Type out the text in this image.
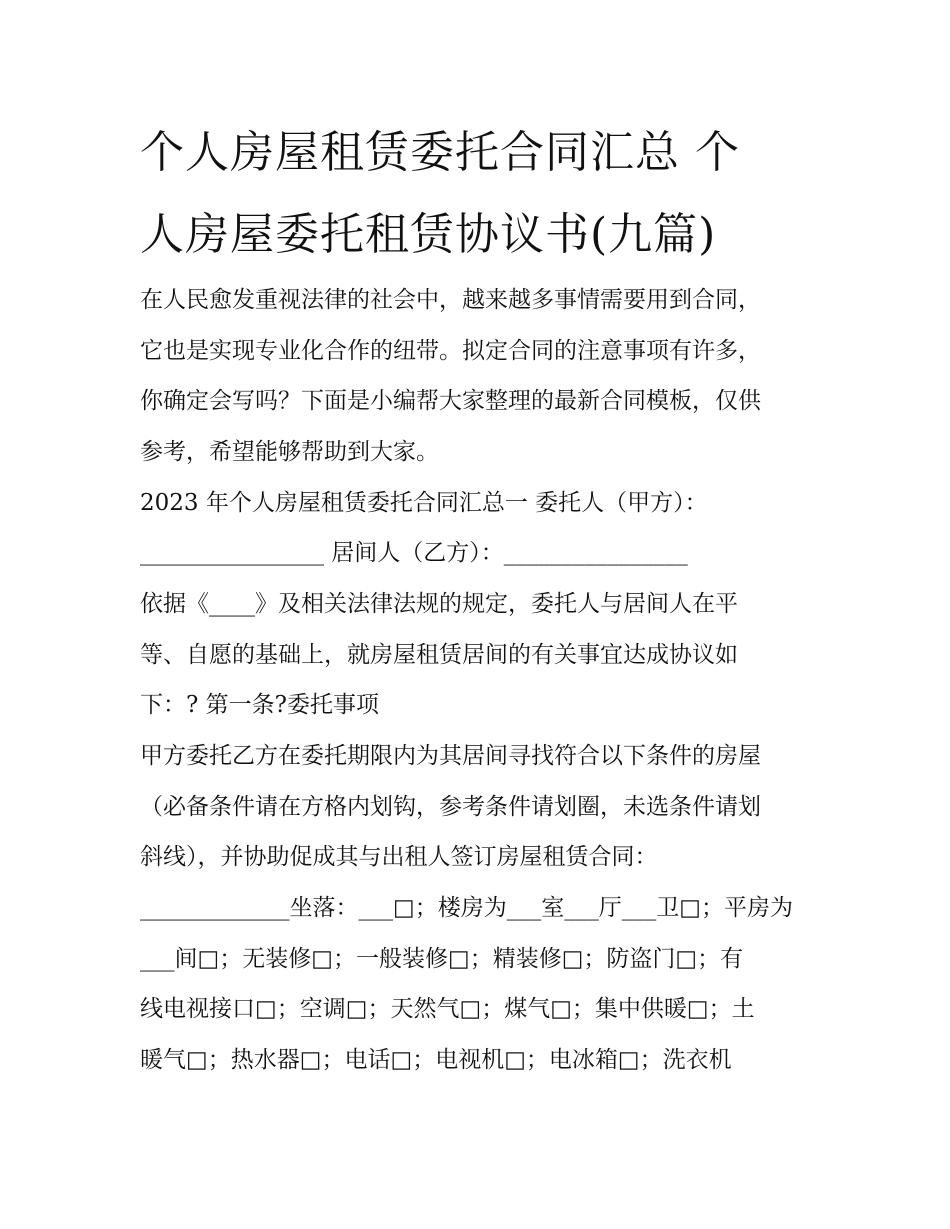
个人房屋租赁委托合同汇总 个
人房屋委托租赁协议书(九篇)

在人民愈发重视法律的社会中，越来越多事情需要用到合同，

它也是实现专业化合作的纽带。拟定合同的注意事项有许多，

你确定会写吗？下面是小编帮大家整理的最新合同模板，仅供

参考，希望能够帮助到大家。

2023 年个人房屋租赁委托合同汇总一 委托人（甲方）：

________________ 居间人（乙方）：________________

依据《____》及相关法律法规的规定，委托人与居间人在平

等、自愿的基础上，就房屋租赁居间的有关事宜达成协议如

下：? 第一条?委托事项

甲方委托乙方在委托期限内为其居间寻找符合以下条件的房屋

（必备条件请在方格内划钩，参考条件请划圈，未选条件请划

斜线），并协助促成其与出租人签订房屋租赁合同：

_____________坐落：___□；楼房为___室___厅___卫□；平房为

___间□；无装修□；一般装修□；精装修□；防盗门□；有

线电视接口□；空调□；天然气□；煤气□；集中供暖□；土

暖气□；热水器□；电话□；电视机□；电冰箱□；洗衣机
